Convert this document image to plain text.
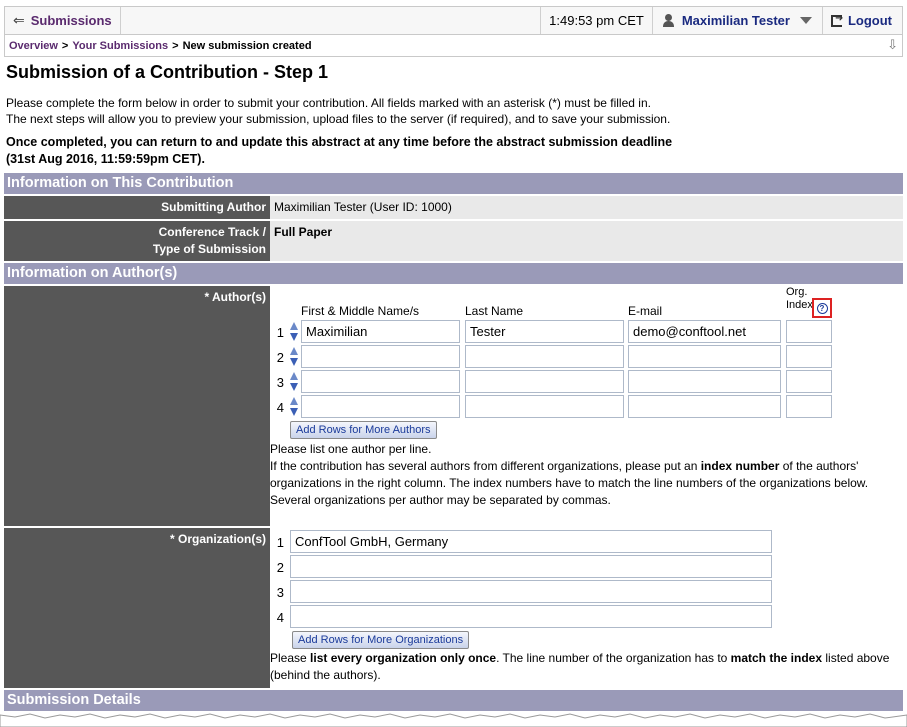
⇐ Submissions	1:49:53 pm CET	Maximilian Tester
➜	Logout
Overview > Your Submissions > New submission created	⇩
Submission of a Contribution - Step 1
Please complete the form below in order to submit your contribution. All fields marked with an asterisk (*) must be filled in.
The next steps will allow you to preview your submission, upload files to the server (if required), and to save your submission.
Once completed, you can return to and update this abstract at any time before the abstract submission deadline
(31st Aug 2016, 11:59:59pm CET).
Information on This Contribution
Submitting Author Maximilian Tester (User ID: 1000)
Conference Track /
Type of Submission
Full Paper
Information on Author(s)
* Author(s)
First & Middle Name/s	Last Name	E-mail
Org.
Index ?
1
Maximilian
Tester
demo@conftool.net
2
3
4
Add Rows for More Authors
Please list one author per line.
If the contribution has several authors from different organizations, please put an index number of the authors' organizations in the right column. The index numbers have to match the line numbers of the organizations below.
Several organizations per author may be separated by commas.
* Organization(s) 1
ConfTool GmbH, Germany
2
3
4
Add Rows for More Organizations
Please list every organization only once. The line number of the organization has to match the index listed above (behind the authors).
Submission Details
